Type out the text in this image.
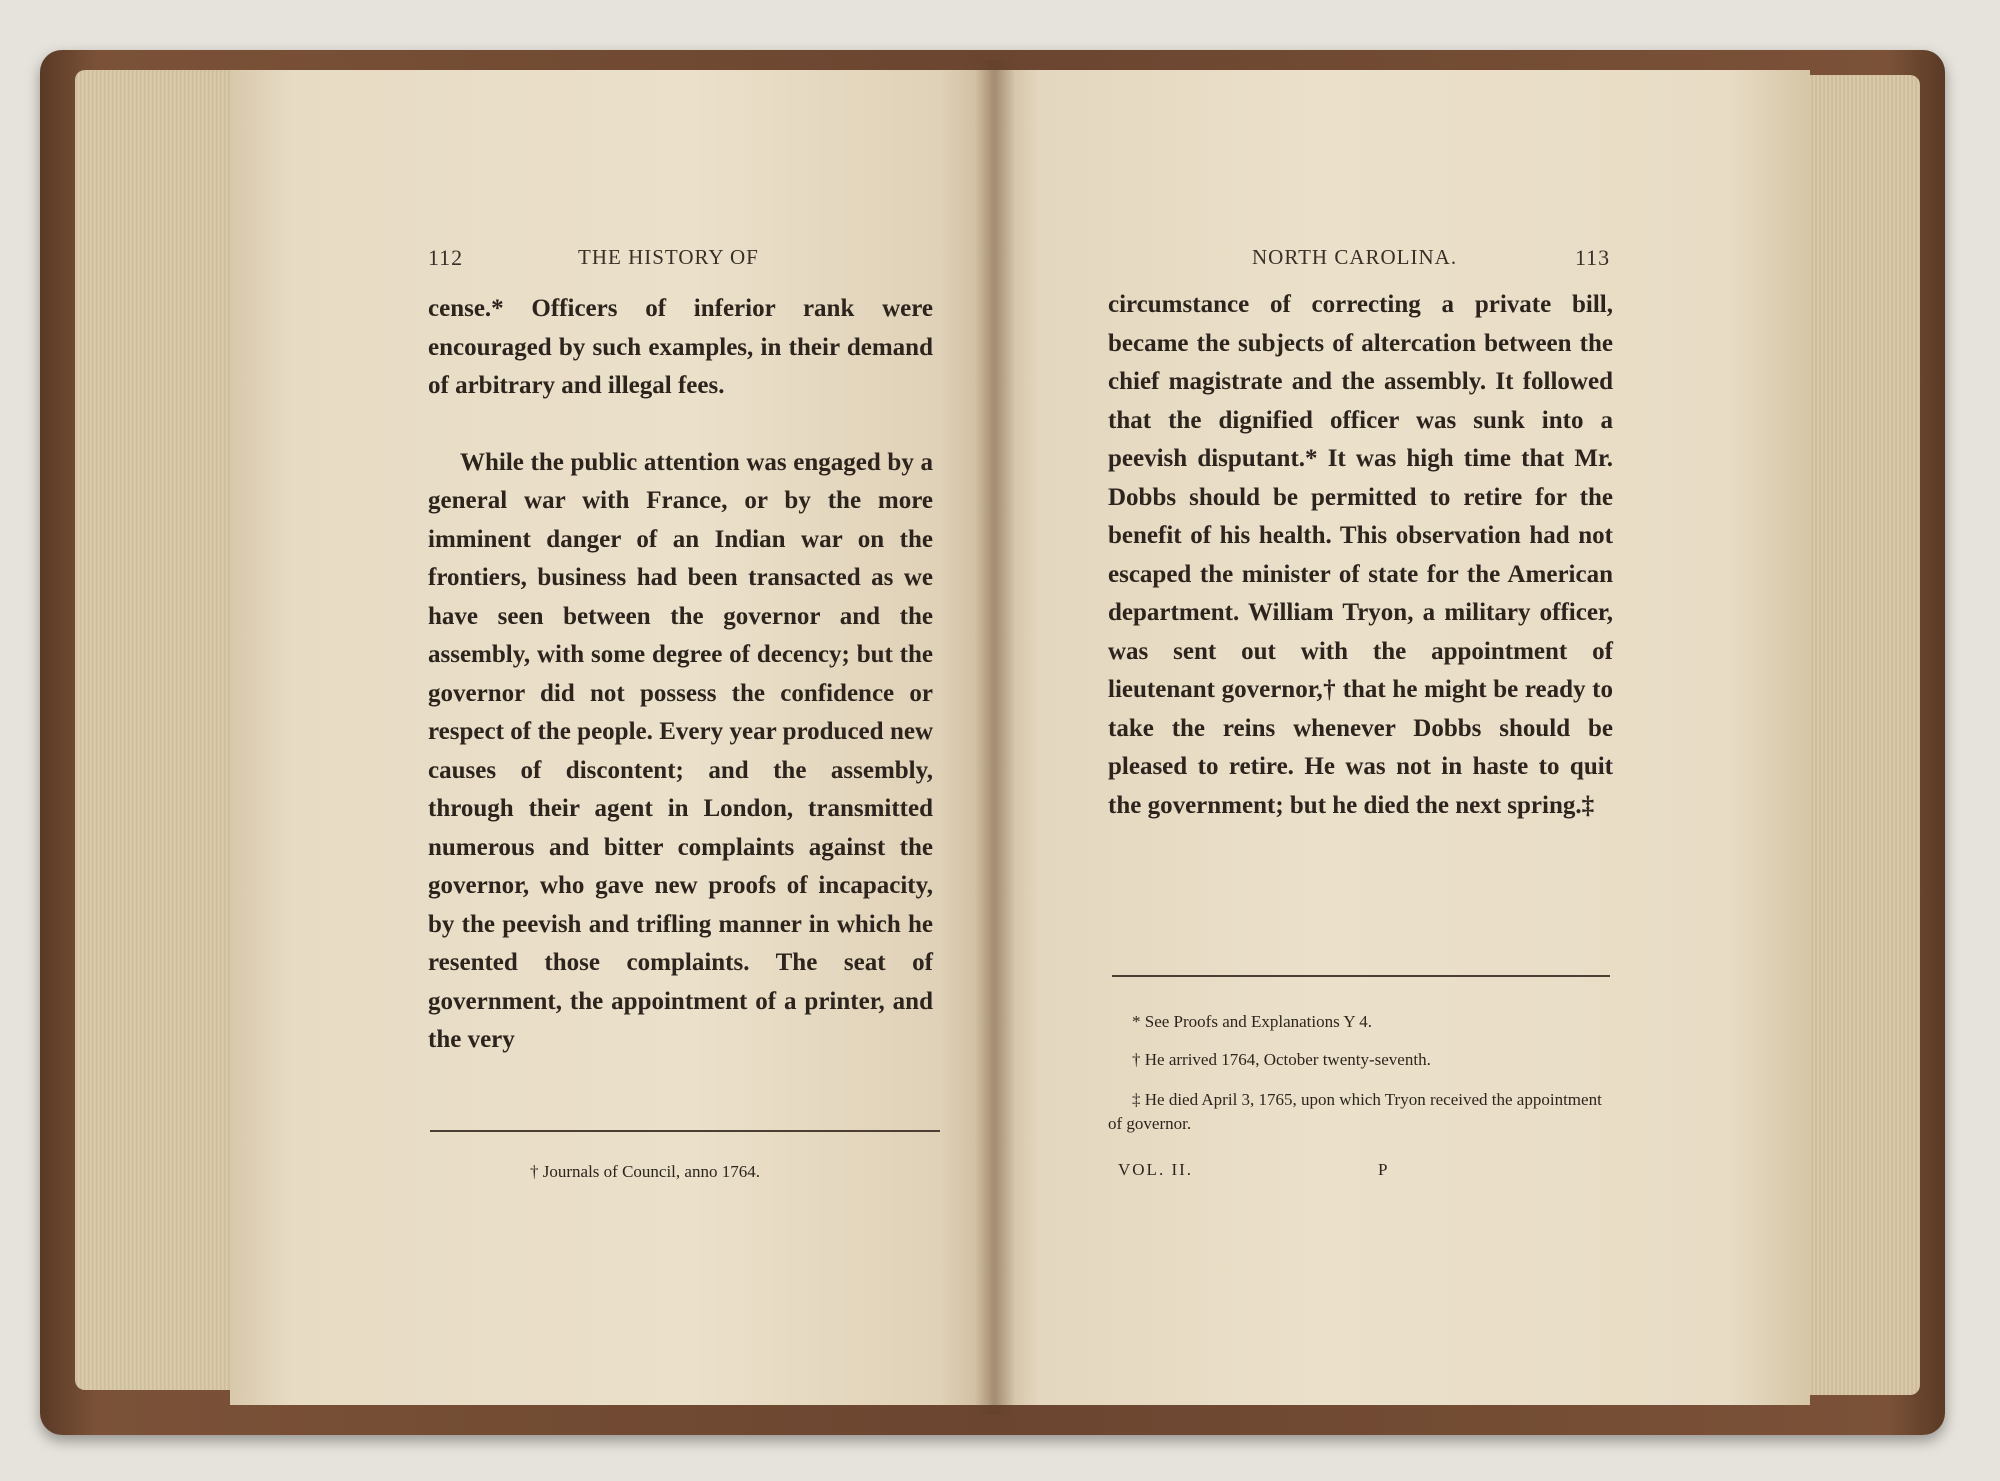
112	THE HISTORY OF

cense.* Officers of inferior rank were encouraged by such examples, in their demand of arbitrary and illegal fees.

While the public attention was engaged by a general war with France, or by the more imminent danger of an Indian war on the frontiers, business had been transacted as we have seen between the governor and the assembly, with some degree of decency; but the governor did not possess the confidence or respect of the people. Every year produced new causes of discontent; and the assembly, through their agent in London, transmitted numerous and bitter complaints against the governor, who gave new proofs of incapacity, by the peevish and trifling manner in which he resented those complaints. The seat of government, the appointment of a printer, and the very

† Journals of Council, anno 1764.
NORTH CAROLINA.	113

circumstance of correcting a private bill, became the subjects of altercation between the chief magistrate and the assembly. It followed that the dignified officer was sunk into a peevish disputant.* It was high time that Mr. Dobbs should be permitted to retire for the benefit of his health. This observation had not escaped the minister of state for the American department. William Tryon, a military officer, was sent out with the appointment of lieutenant governor,† that he might be ready to take the reins whenever Dobbs should be pleased to retire. He was not in haste to quit the government; but he died the next spring.‡

* See Proofs and Explanations Y 4.
† He arrived 1764, October twenty-seventh.
‡ He died April 3, 1765, upon which Tryon received the appointment of governor.
VOL. II.	P
